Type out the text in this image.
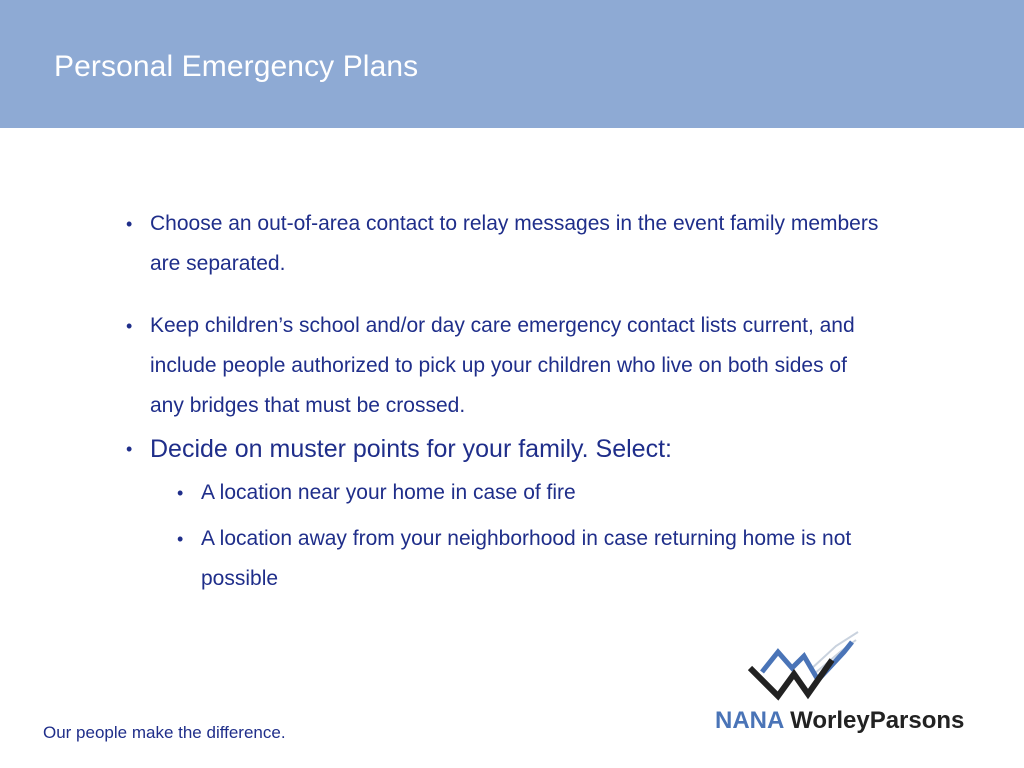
Personal Emergency Plans
• Choose an out-of-area contact to relay messages in the event family members are separated.
• Keep children’s school and/or day care emergency contact lists current, and include people authorized to pick up your children who live on both sides of any bridges that must be crossed.
• Decide on muster points for your family. Select:
• A location near your home in case of fire
• A location away from your neighborhood in case returning home is not possible
Our people make the difference.	NANA WorleyParsons
